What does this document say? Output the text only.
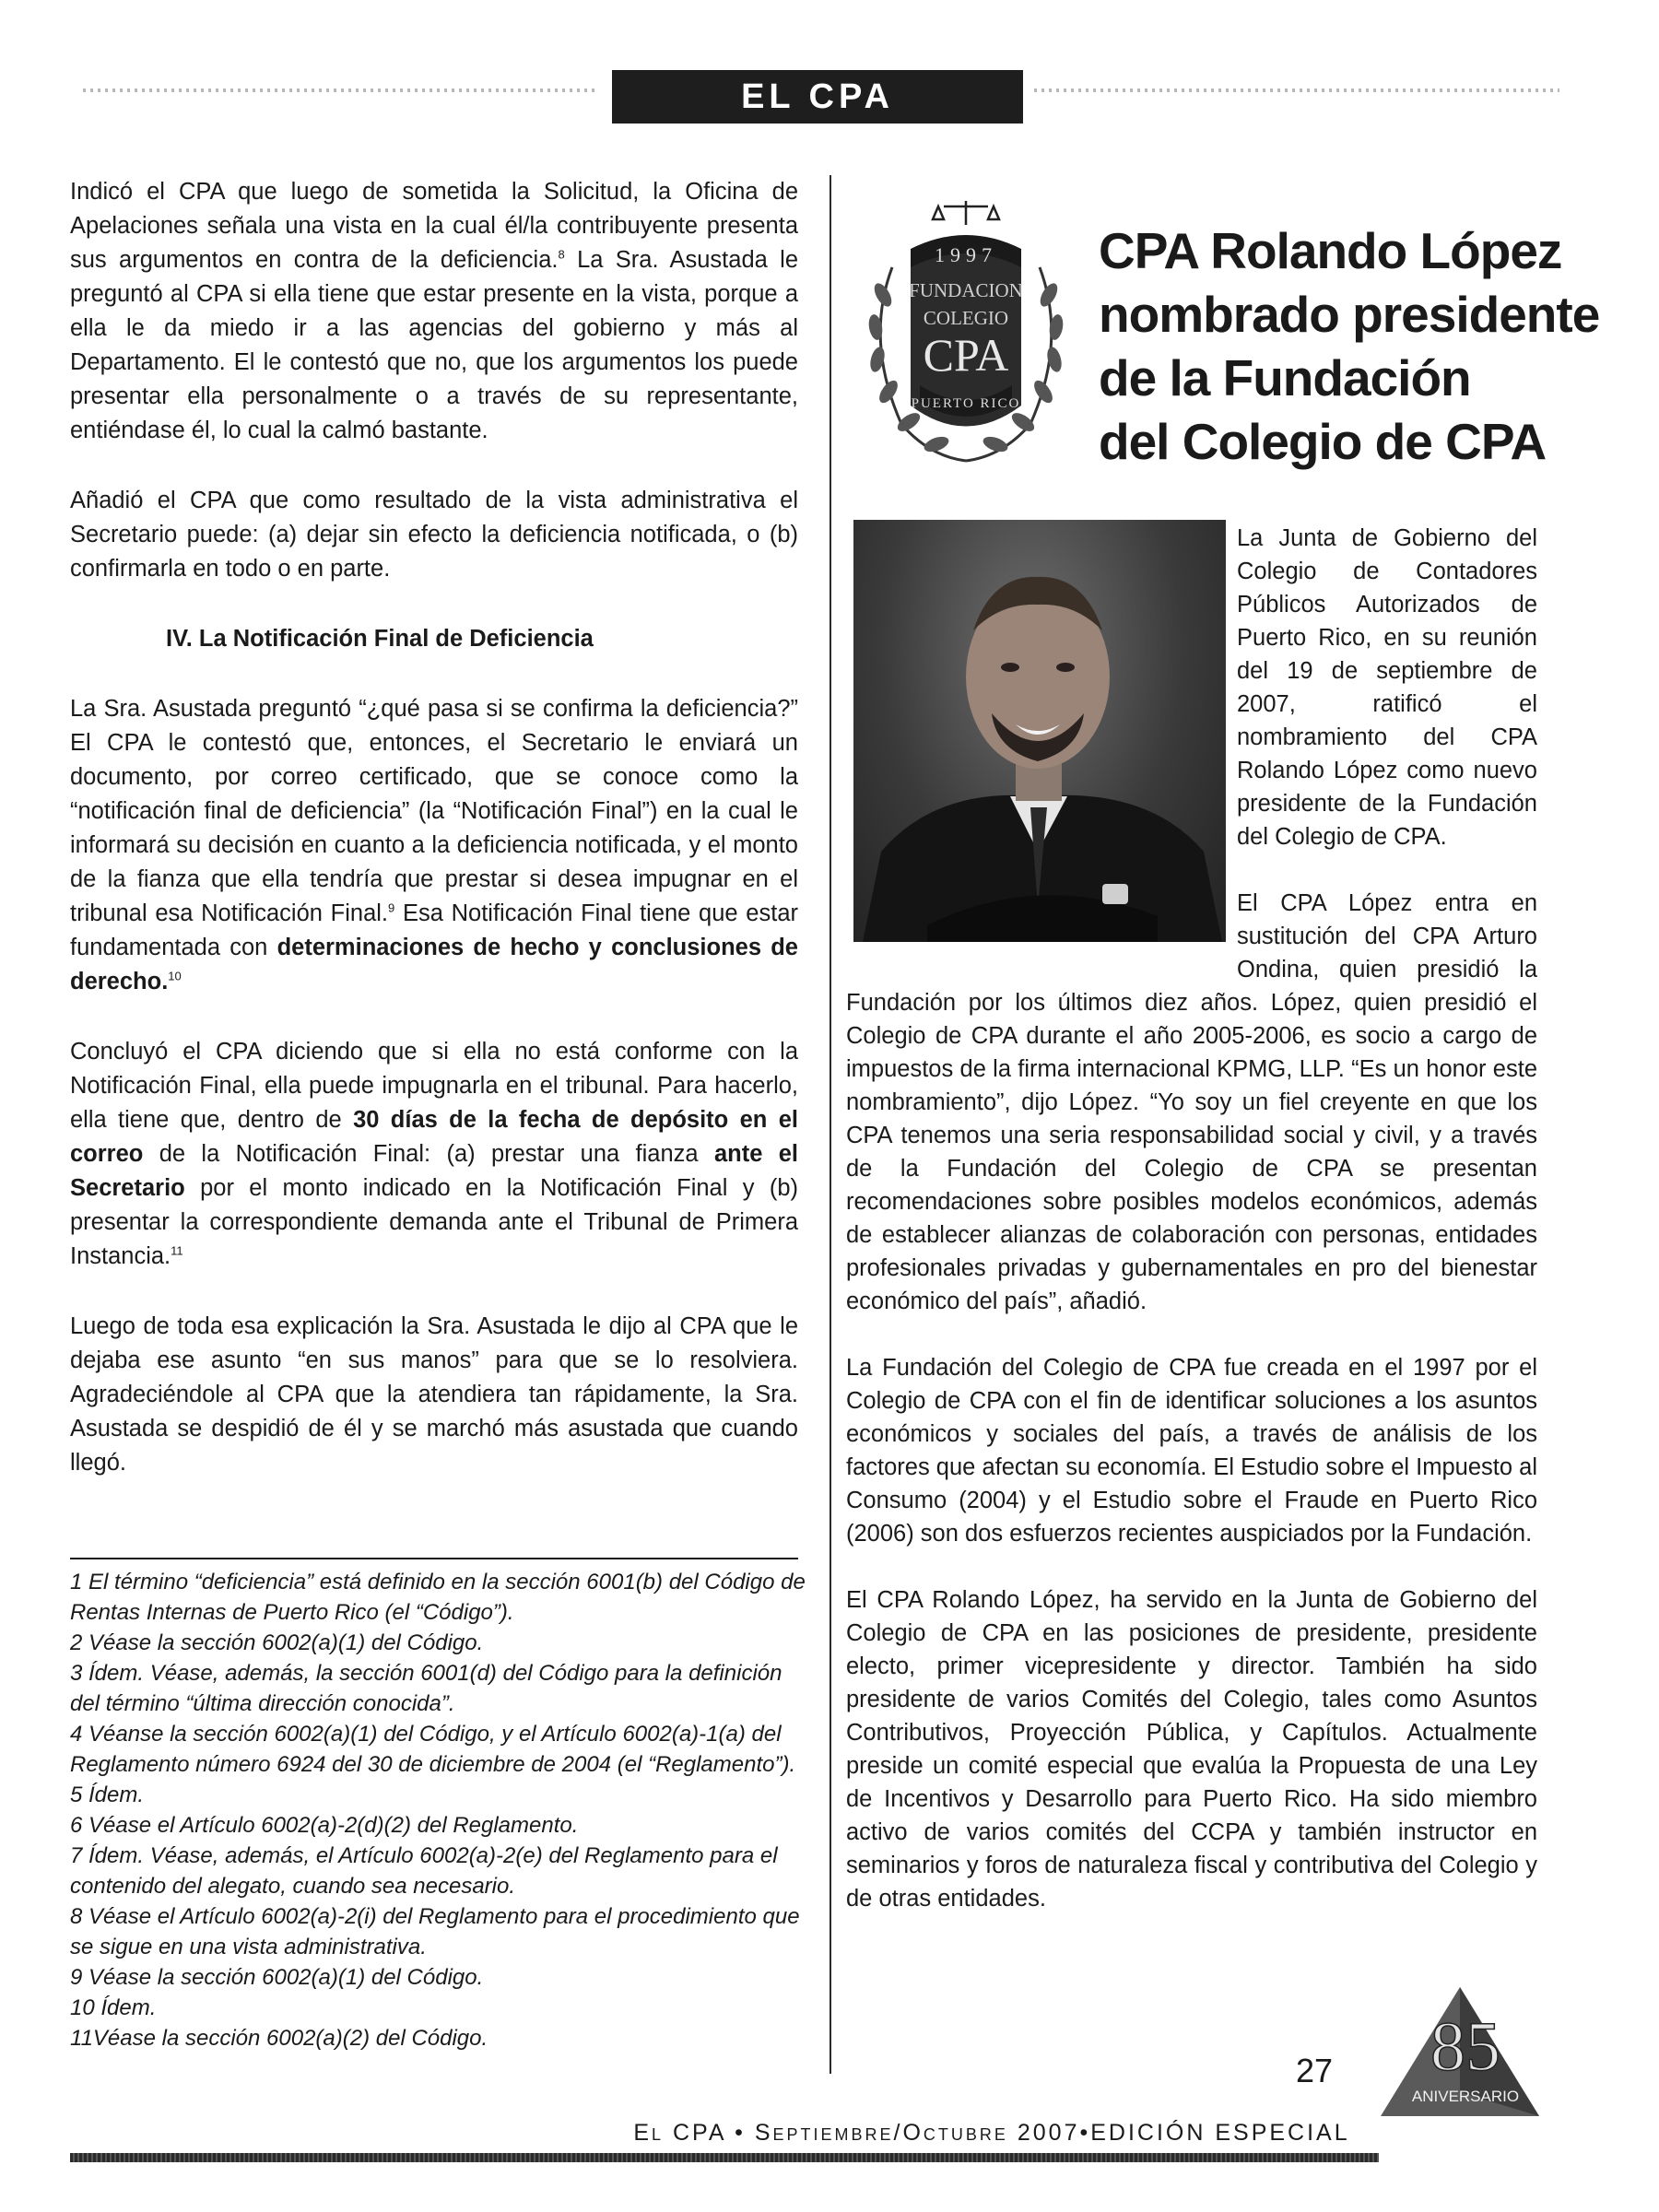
EL CPA

Indicó el CPA que luego de sometida la Solicitud, la Oficina de Apelaciones señala una vista en la cual él/la contribuyente presenta sus argumentos en contra de la deficiencia.$^8$ La Sra. Asustada le preguntó al CPA si ella tiene que estar presente en la vista, porque a ella le da miedo ir a las agencias del gobierno y más al Departamento. El le contestó que no, que los argumentos los puede presentar ella personalmente o a través de su representante, entiéndase él, lo cual la calmó bastante.

Añadió el CPA que como resultado de la vista administrativa el Secretario puede: (a) dejar sin efecto la deficiencia notificada, o (b) confirmarla en todo o en parte.

IV. La Notificación Final de Deficiencia

La Sra. Asustada preguntó “¿qué pasa si se confirma la deficiencia?” El CPA le contestó que, entonces, el Secretario le enviará un documento, por correo certificado, que se conoce como la “notificación final de deficiencia” (la “Notificación Final”) en la cual le informará su decisión en cuanto a la deficiencia notificada, y el monto de la fianza que ella tendría que prestar si desea impugnar en el tribunal esa Notificación Final.$^9$ Esa Notificación Final tiene que estar fundamentada con determinaciones de hecho y conclusiones de derecho.$^{10}$

Concluyó el CPA diciendo que si ella no está conforme con la Notificación Final, ella puede impugnarla en el tribunal. Para hacerlo, ella tiene que, dentro de 30 días de la fecha de depósito en el correo de la Notificación Final: (a) prestar una fianza ante el Secretario por el monto indicado en la Notificación Final y (b) presentar la correspondiente demanda ante el Tribunal de Primera Instancia.$^{11}$

Luego de toda esa explicación la Sra. Asustada le dijo al CPA que le dejaba ese asunto “en sus manos” para que se lo resolviera. Agradeciéndole al CPA que la atendiera tan rápidamente, la Sra. Asustada se despidió de él y se marchó más asustada que cuando llegó.

1 El término “deficiencia” está definido en la sección 6001(b) del Código de Rentas Internas de Puerto Rico (el “Código”).
2 Véase la sección 6002(a)(1) del Código.
3 Ídem. Véase, además, la sección 6001(d) del Código para la definición del término “última dirección conocida”.
4 Véanse la sección 6002(a)(1) del Código, y el Artículo 6002(a)-1(a) del Reglamento número 6924 del 30 de diciembre de 2004 (el “Reglamento”).
5 Ídem.
6 Véase el Artículo 6002(a)-2(d)(2) del Reglamento.
7 Ídem. Véase, además, el Artículo 6002(a)-2(e) del Reglamento para el contenido del alegato, cuando sea necesario.
8 Véase el Artículo 6002(a)-2(i) del Reglamento para el procedimiento que se sigue en una vista administrativa.
9 Véase la sección 6002(a)(1) del Código.
10 Ídem.
11Véase la sección 6002(a)(2) del Código.
1997
FUNDACION
COLEGIO
CPA
PUERTO RICO
CPA Rolando López
nombrado presidente
de la Fundación
del Colegio de CPA

La Junta de Gobierno del Colegio de Contadores Públicos Autorizados de Puerto Rico, en su reunión del 19 de septiembre de 2007, ratificó el nombramiento del CPA Rolando López como nuevo presidente de la Fundación del Colegio de CPA.

El CPA López entra en sustitución del CPA Arturo Ondina, quien presidió la Fundación por los últimos diez años. López, quien presidió el Colegio de CPA durante el año 2005-2006, es socio a cargo de impuestos de la firma internacional KPMG, LLP. “Es un honor este nombramiento”, dijo López. “Yo soy un fiel creyente en que los CPA tenemos una seria responsabilidad social y civil, y a través de la Fundación del Colegio de CPA se presentan recomendaciones sobre posibles modelos económicos, además de establecer alianzas de colaboración con personas, entidades profesionales privadas y gubernamentales en pro del bienestar económico del país”, añadió.

La Fundación del Colegio de CPA fue creada en el 1997 por el Colegio de CPA con el fin de identificar soluciones a los asuntos económicos y sociales del país, a través de análisis de los factores que afectan su economía. El Estudio sobre el Impuesto al Consumo (2004) y el Estudio sobre el Fraude en Puerto Rico (2006) son dos esfuerzos recientes auspiciados por la Fundación.

El CPA Rolando López, ha servido en la Junta de Gobierno del Colegio de CPA en las posiciones de presidente, presidente electo, primer vicepresidente y director. También ha sido presidente de varios Comités del Colegio, tales como Asuntos Contributivos, Proyección Pública, y Capítulos. Actualmente preside un comité especial que evalúa la Propuesta de una Ley de Incentivos y Desarrollo para Puerto Rico. Ha sido miembro activo de varios comités del CCPA y también instructor en seminarios y foros de naturaleza fiscal y contributiva del Colegio y de otras entidades.

27 85
ANIVERSARIO
El CPA • Septiembre/Octubre 2007•EDICIÓN ESPECIAL
